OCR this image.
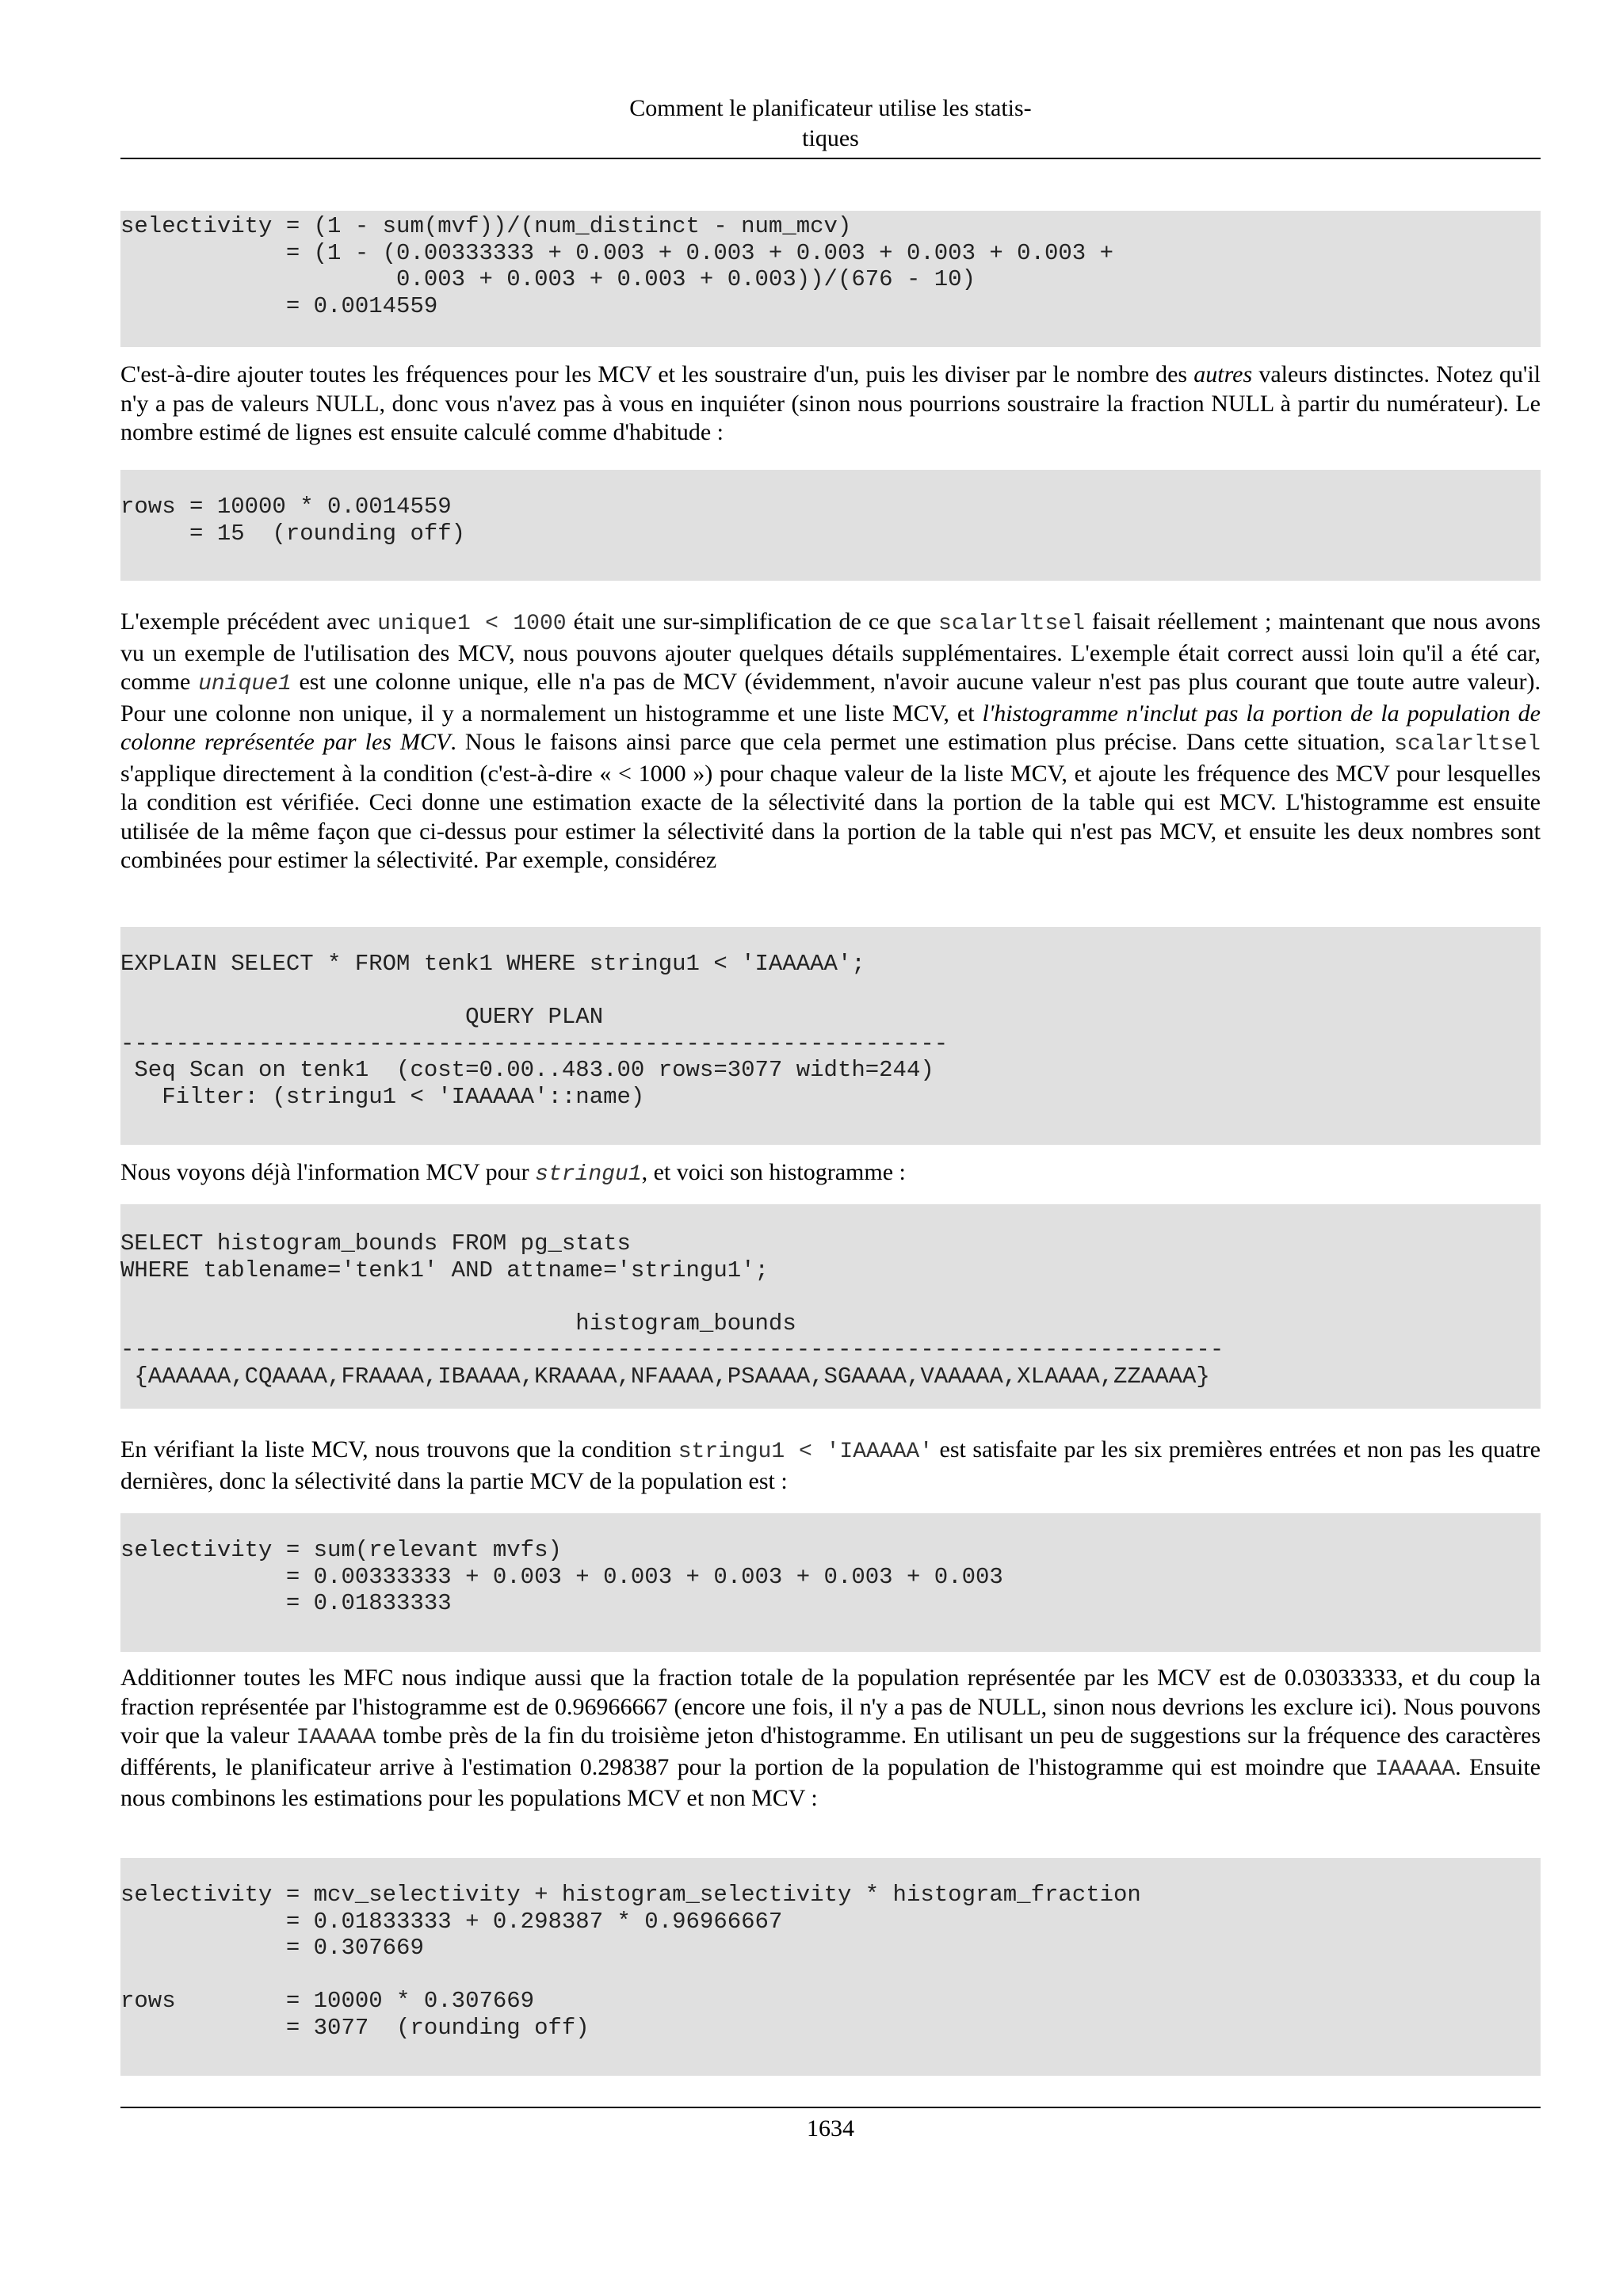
Comment le planificateur utilise les statis-
tiques
selectivity = (1 - sum(mvf))/(num_distinct - num_mcv)
= (1 - (0.00333333 + 0.003 + 0.003 + 0.003 + 0.003 + 0.003 +
0.003 + 0.003 + 0.003 + 0.003))/(676 - 10)
= 0.0014559

C'est-à-dire ajouter toutes les fréquences pour les MCV et les soustraire d'un, puis les diviser par le nombre des autres valeurs distinctes. Notez qu'il n'y a pas de valeurs NULL, donc vous n'avez pas à vous en inquiéter (sinon nous pourrions soustraire la fraction NULL à partir du numérateur). Le nombre estimé de lignes est ensuite calculé comme d'habitude :

rows = 10000 * 0.0014559
= 15  (rounding off)

L'exemple précédent avec unique1 < 1000 était une sur-simplification de ce que scalarltsel faisait réellement ; maintenant que nous avons vu un exemple de l'utilisation des MCV, nous pouvons ajouter quelques détails supplémentaires. L'exemple était correct aussi loin qu'il a été car, comme unique1 est une colonne unique, elle n'a pas de MCV (évidemment, n'avoir aucune valeur n'est pas plus courant que toute autre valeur). Pour une colonne non unique, il y a normalement un histogramme et une liste MCV, et l'histogramme n'inclut pas la portion de la population de colonne représentée par les MCV. Nous le faisons ainsi parce que cela permet une estimation plus précise. Dans cette situation, scalarltsel s'applique directement à la condition (c'est-à-dire « < 1000 ») pour chaque valeur de la liste MCV, et ajoute les fréquence des MCV pour lesquelles la condition est vérifiée. Ceci donne une estimation exacte de la sélectivité dans la portion de la table qui est MCV. L'histogramme est ensuite utilisée de la même façon que ci-dessus pour estimer la sélectivité dans la portion de la table qui n'est pas MCV, et ensuite les deux nombres sont combinées pour estimer la sélectivité. Par exemple, considérez

EXPLAIN SELECT * FROM tenk1 WHERE stringu1 < 'IAAAAA';
QUERY PLAN
------------------------------------------------------------
Seq Scan on tenk1  (cost=0.00..483.00 rows=3077 width=244)
Filter: (stringu1 < 'IAAAAA'::name)

Nous voyons déjà l'information MCV pour stringu1, et voici son histogramme :

SELECT histogram_bounds FROM pg_stats
WHERE tablename='tenk1' AND attname='stringu1';
histogram_bounds
--------------------------------------------------------------------------------
{AAAAAA,CQAAAA,FRAAAA,IBAAAA,KRAAAA,NFAAAA,PSAAAA,SGAAAA,VAAAAA,XLAAAA,ZZAAAA}

En vérifiant la liste MCV, nous trouvons que la condition stringu1 < 'IAAAAA' est satisfaite par les six premières entrées et non pas les quatre dernières, donc la sélectivité dans la partie MCV de la population est :

selectivity = sum(relevant mvfs)
= 0.00333333 + 0.003 + 0.003 + 0.003 + 0.003 + 0.003
= 0.01833333

Additionner toutes les MFC nous indique aussi que la fraction totale de la population représentée par les MCV est de 0.03033333, et du coup la fraction représentée par l'histogramme est de 0.96966667 (encore une fois, il n'y a pas de NULL, sinon nous devrions les exclure ici). Nous pouvons voir que la valeur IAAAAA tombe près de la fin du troisième jeton d'histogramme. En utilisant un peu de suggestions sur la fréquence des caractères différents, le planificateur arrive à l'estimation 0.298387 pour la portion de la population de l'histogramme qui est moindre que IAAAAA. Ensuite nous combinons les estimations pour les populations MCV et non MCV :

selectivity = mcv_selectivity + histogram_selectivity * histogram_fraction
= 0.01833333 + 0.298387 * 0.96966667
= 0.307669
rows        = 10000 * 0.307669
= 3077  (rounding off)
1634
